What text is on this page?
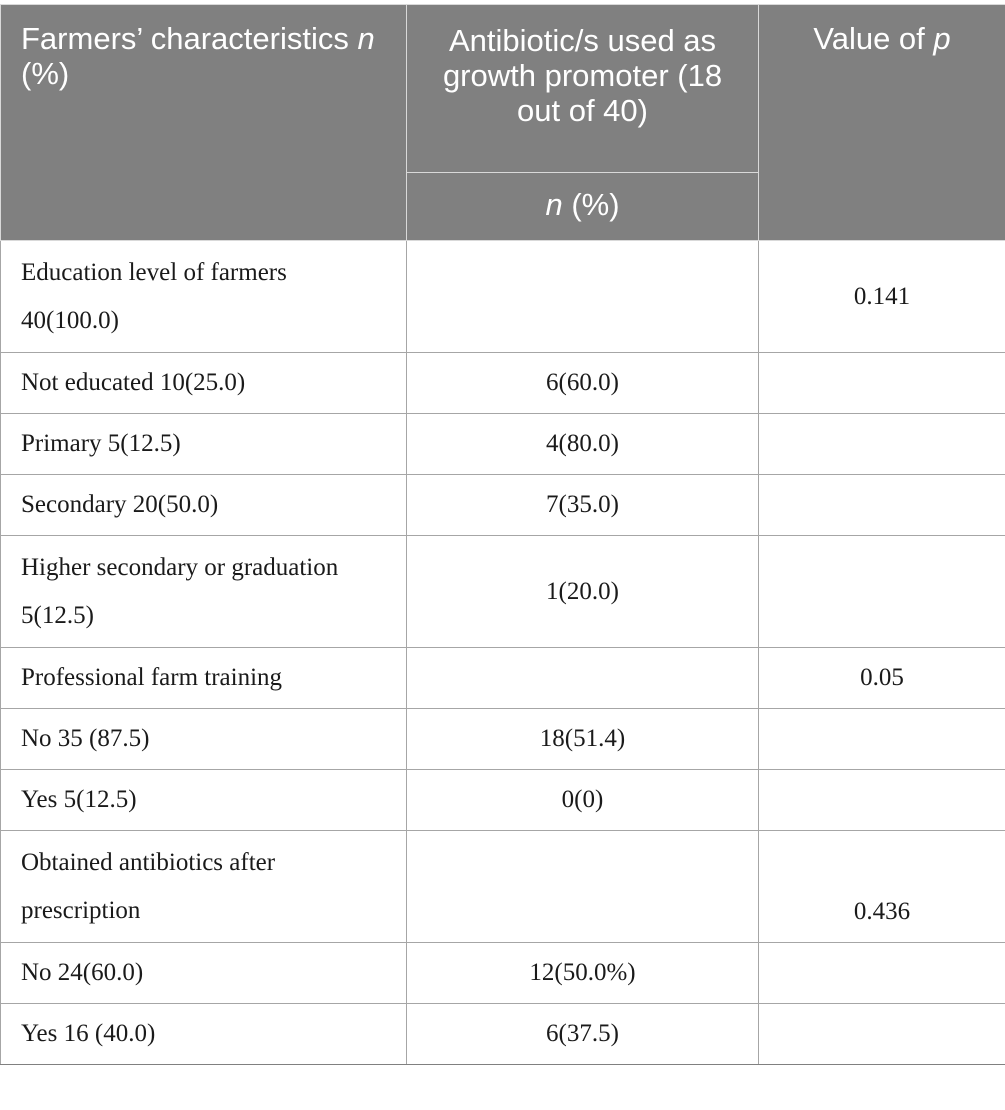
Farmers’ characteristics n (%)	Antibiotic/s used as growth promoter (18 out of 40)	Value of p
	n (%)	
Education level of farmers 40(100.0)		0.141
Not educated 10(25.0)	6(60.0)	
Primary 5(12.5)	4(80.0)	
Secondary 20(50.0)	7(35.0)	
Higher secondary or graduation 5(12.5)	1(20.0)	
Professional farm training		0.05
No 35 (87.5)	18(51.4)	
Yes 5(12.5)	0(0)	
Obtained antibiotics after prescription		0.436
No 24(60.0)	12(50.0%)	
Yes 16 (40.0)	6(37.5)	
